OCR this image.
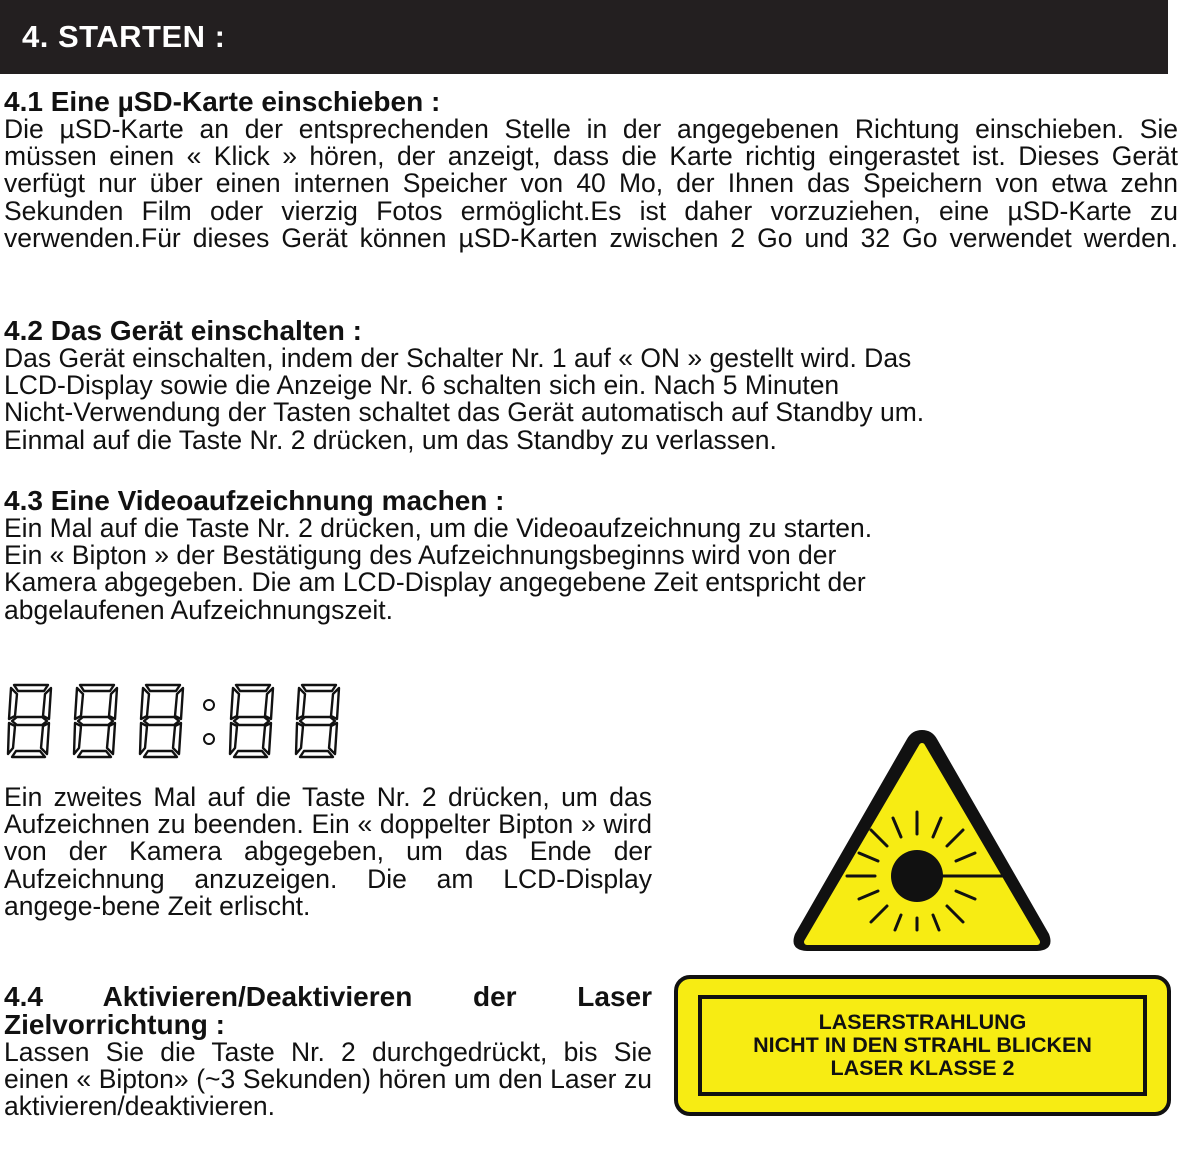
4. STARTEN :

4.1 Eine µSD-Karte einschieben :

Die µSD-Karte an der entsprechenden Stelle in der angegebenen Richtung einschieben. Sie müssen einen « Klick » hören, der anzeigt, dass die Karte richtig eingerastet ist. Dieses Gerät verfügt nur über einen internen Speicher von 40 Mo, der Ihnen das Speichern von etwa zehn Sekunden Film oder vierzig Fotos ermöglicht.Es ist daher vorzuziehen, eine µSD-Karte zu verwenden.Für dieses Gerät können µSD-Karten zwischen 2 Go und 32 Go verwendet werden.

4.2 Das Gerät einschalten :

Das Gerät einschalten, indem der Schalter Nr. 1 auf « ON » gestellt wird. Das

LCD-Display sowie die Anzeige Nr. 6 schalten sich ein. Nach 5 Minuten

Nicht-Verwendung der Tasten schaltet das Gerät automatisch auf Standby um.

Einmal auf die Taste Nr. 2 drücken, um das Standby zu verlassen.

4.3 Eine Videoaufzeichnung machen :

Ein Mal auf die Taste Nr. 2 drücken, um die Videoaufzeichnung zu starten.

Ein « Bipton » der Bestätigung des Aufzeichnungsbeginns wird von der

Kamera abgegeben. Die am LCD-Display angegebene Zeit entspricht der

abgelaufenen Aufzeichnungszeit.

Ein zweites Mal auf die Taste Nr. 2 drücken, um das Aufzeichnen zu beenden. Ein « doppelter Bipton » wird von der Kamera abgegeben, um das Ende der Aufzeichnung anzuzeigen. Die am LCD-Display angege-bene Zeit erlischt.

4.4 Aktivieren/Deaktivieren der Laser Zielvorrichtung :

Lassen Sie die Taste Nr. 2 durchgedrückt, bis Sie einen « Bipton» (~3 Sekunden) hören um den Laser zu aktivieren/deaktivieren.

LASERSTRAHLUNG
NICHT IN DEN STRAHL BLICKEN
LASER KLASSE 2
